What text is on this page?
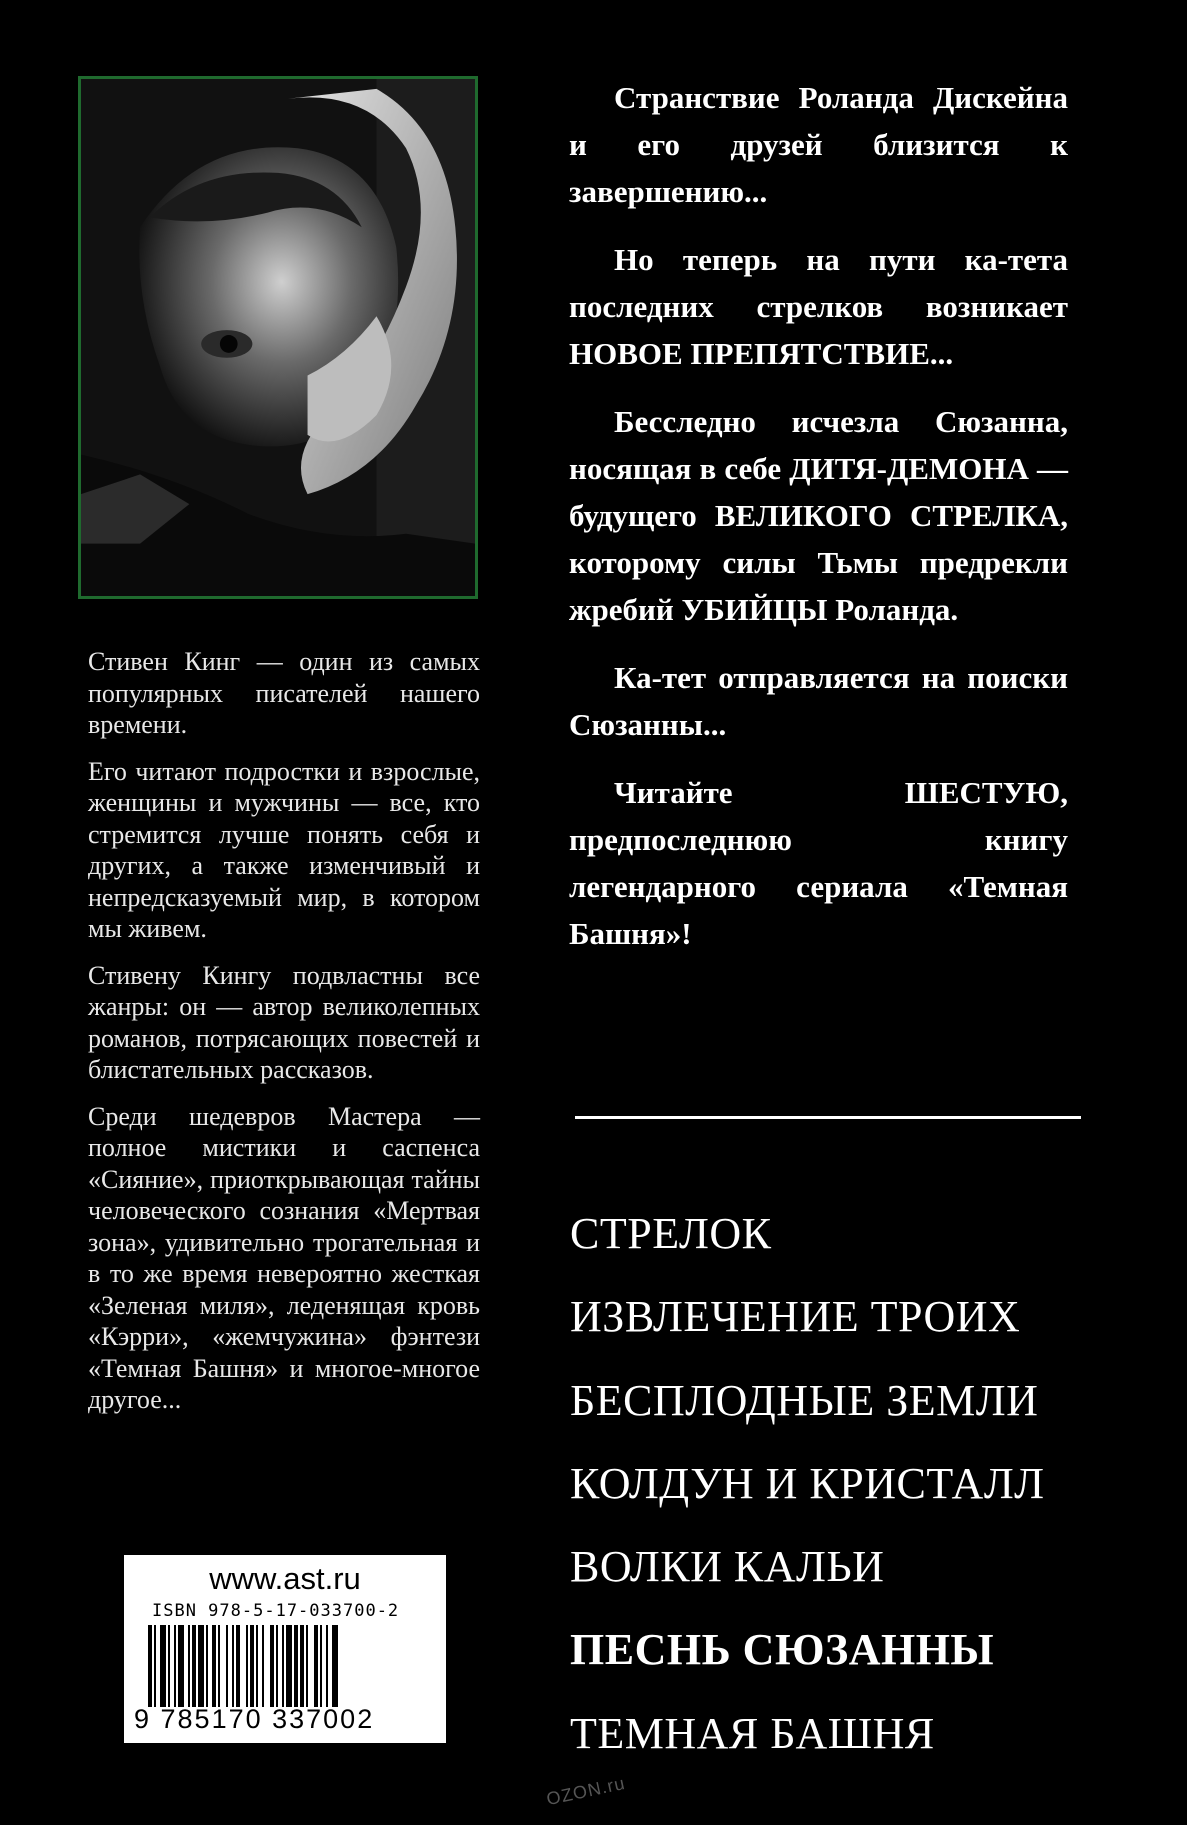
Стивен Кинг — один из самых популярных писателей нашего времени.

Его читают подростки и взрослые, женщины и мужчины — все, кто стремится лучше понять себя и других, а также изменчивый и непредсказуемый мир, в котором мы живем.

Стивену Кингу подвластны все жанры: он — автор великолепных романов, потрясающих повестей и блистательных рассказов.

Среди шедевров Мастера — полное мистики и саспенса «Сияние», приоткрывающая тайны человеческого сознания «Мертвая зона», удивительно трогательная и в то же время невероятно жесткая «Зеленая миля», леденящая кровь «Кэрри», «жемчужина» фэнтези «Темная Башня» и многое-многое другое...

www.ast.ru
ISBN 978-5-17-033700-2
9 785170 337002

Странствие Роланда Дискейна и его друзей близится к завершению...

Но теперь на пути ка-тета последних стрелков возникает НОВОЕ ПРЕПЯТСТВИЕ...

Бесследно исчезла Сюзанна, носящая в себе ДИТЯ-ДЕМОНА — будущего ВЕЛИКОГО СТРЕЛКА, которому силы Тьмы предрекли жребий УБИЙЦЫ Роланда.

Ка-тет отправляется на поиски Сюзанны...

Читайте ШЕСТУЮ, предпоследнюю книгу легендарного сериала «Темная Башня»!

СТРЕЛОК
ИЗВЛЕЧЕНИЕ ТРОИХ
БЕСПЛОДНЫЕ ЗЕМЛИ
КОЛДУН И КРИСТАЛЛ
ВОЛКИ КАЛЬИ
ПЕСНЬ СЮЗАННЫ
ТЕМНАЯ БАШНЯ
OZON.ru
